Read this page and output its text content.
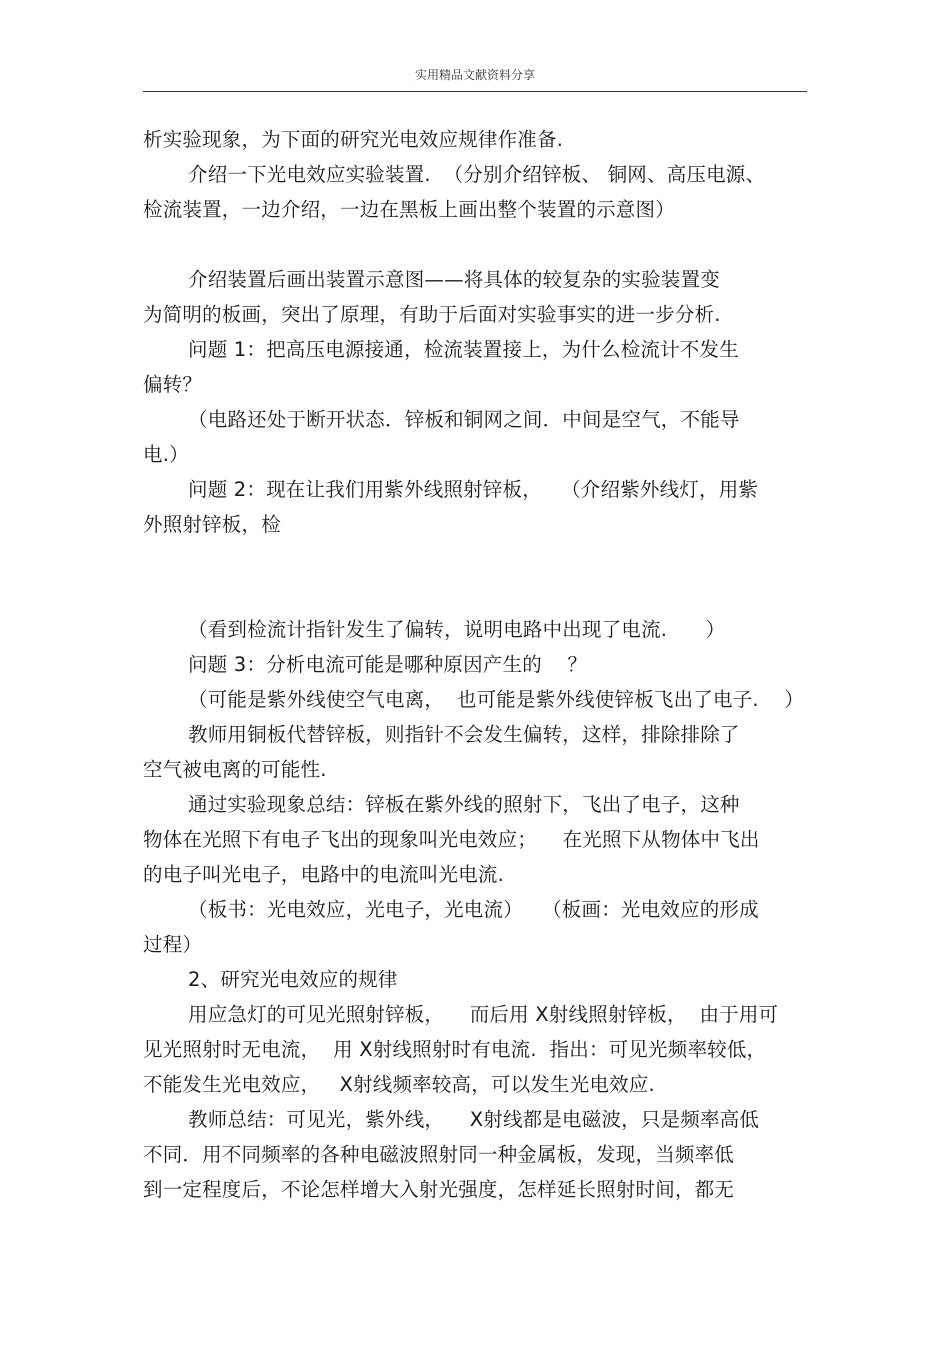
实用精品文献资料分享
析实验现象，为下面的研究光电效应规律作准备.
介绍一下光电效应实验装置.  （分别介绍锌板、 铜网、高压电源、
检流装置，一边介绍，一边在黑板上画出整个装置的示意图）
介绍装置后画出装置示意图——将具体的较复杂的实验装置变
为简明的板画，突出了原理，有助于后面对实验事实的进一步分析.
问题 1：把高压电源接通，检流装置接上，为什么检流计不发生
偏转？
（电路还处于断开状态．锌板和铜网之间．中间是空气，不能导
电.）
问题 2：现在让我们用紫外线照射锌板，   （介绍紫外线灯，用紫
外照射锌板，检
（看到检流计指针发生了偏转，说明电路中出现了电流.      ）
问题 3：分析电流可能是哪种原因产生的    ？
（可能是紫外线使空气电离，  也可能是紫外线使锌板飞出了电子.    ）
教师用铜板代替锌板，则指针不会发生偏转，这样，排除排除了
空气被电离的可能性.
通过实验现象总结：锌板在紫外线的照射下，飞出了电子，这种
物体在光照下有电子飞出的现象叫光电效应；    在光照下从物体中飞出
的电子叫光电子，电路中的电流叫光电流.
（板书：光电效应，光电子，光电流）   （板画：光电效应的形成
过程）
2、研究光电效应的规律
用应急灯的可见光照射锌板，    而后用 X射线照射锌板，  由于用可
见光照射时无电流，  用 X射线照射时有电流.  指出：可见光频率较低，
不能发生光电效应，   X射线频率较高，可以发生光电效应.
教师总结：可见光，紫外线，    X射线都是电磁波，只是频率高低
不同．用不同频率的各种电磁波照射同一种金属板，发现，当频率低
到一定程度后，不论怎样增大入射光强度，怎样延长照射时间，都无
